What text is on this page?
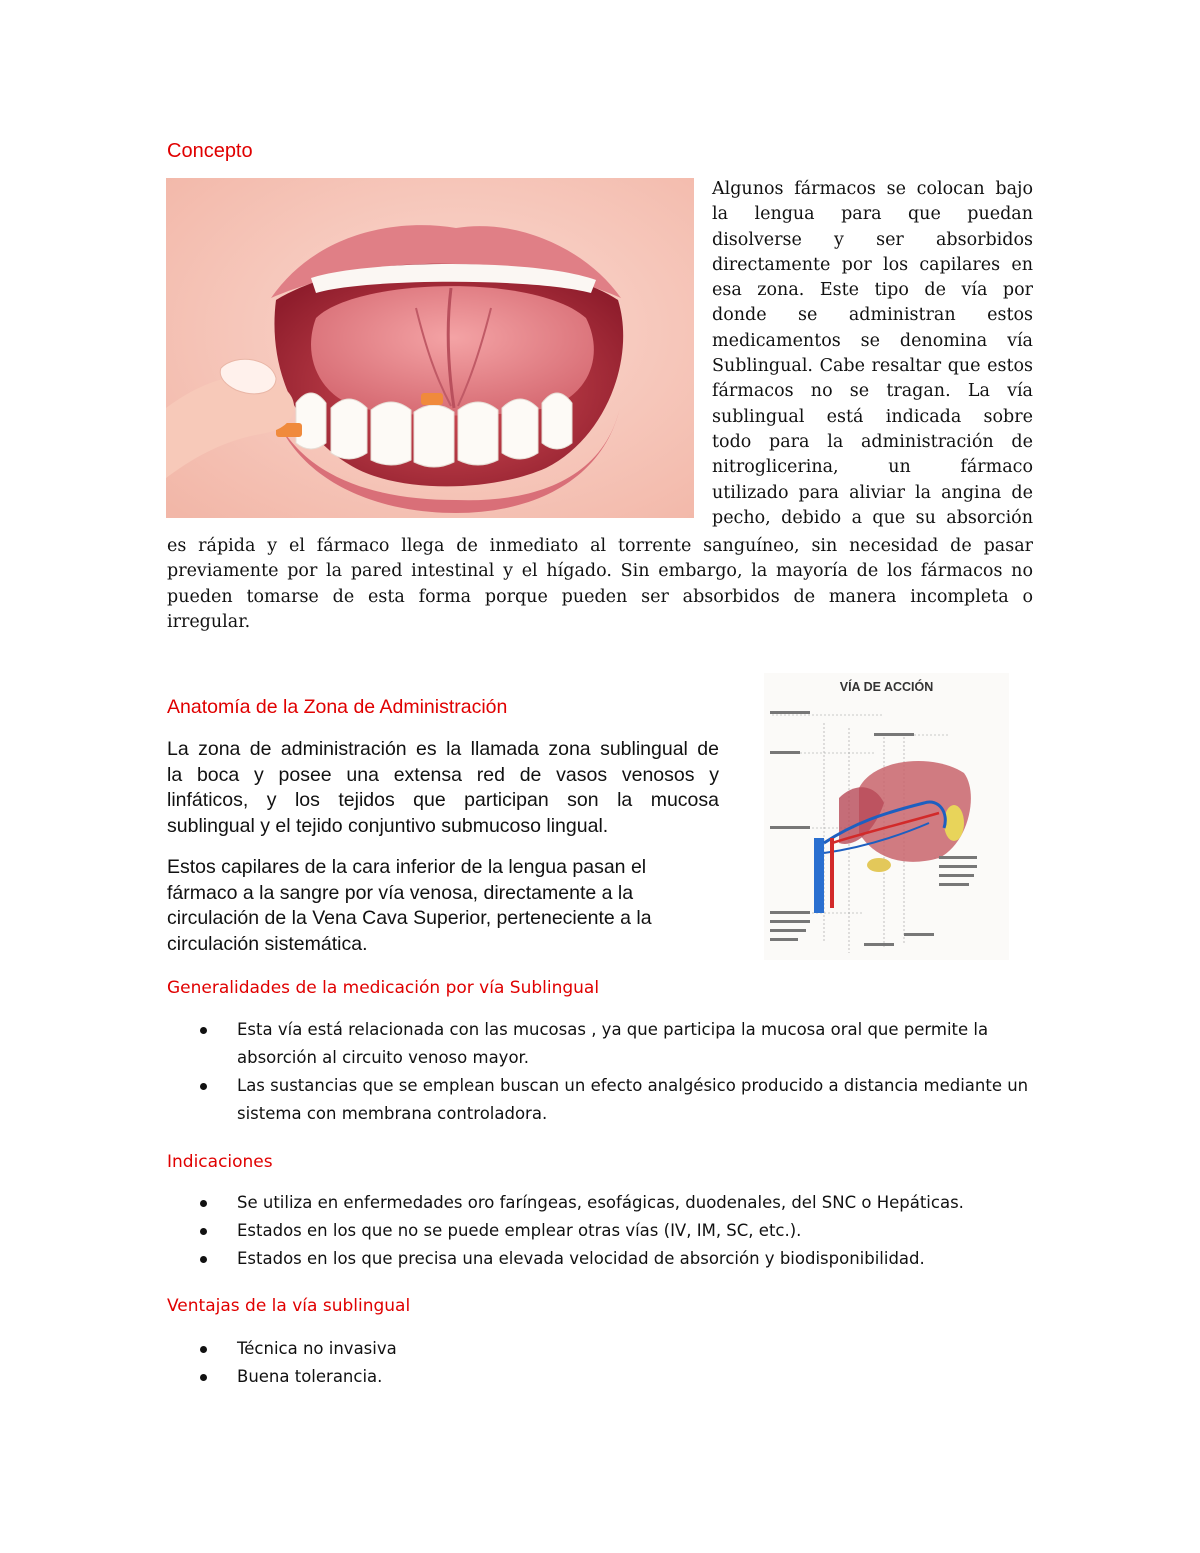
Concepto

Algunos fármacos se colocan bajo

la lengua para que puedan

disolverse y ser absorbidos

directamente por los capilares en

esa zona. Este tipo de vía por

donde se administran estos

medicamentos se denomina vía

Sublingual. Cabe resaltar que estos

fármacos no se tragan. La vía

sublingual está indicada sobre

todo para la administración de

nitroglicerina, un fármaco

utilizado para aliviar la angina de

pecho, debido a que su absorción

es rápida y el fármaco llega de inmediato al torrente sanguíneo, sin necesidad de pasar

previamente por la pared intestinal y el hígado. Sin embargo, la mayoría de los fármacos no

pueden tomarse de esta forma porque pueden ser absorbidos de manera incompleta o

irregular.

Anatomía de la Zona de Administración
La zona de administración es la llamada zona sublingual de
la boca y posee una extensa red de vasos venosos y
linfáticos, y los tejidos que participan son la mucosa
sublingual y el tejido conjuntivo submucoso lingual.
Estos capilares de la cara inferior de la lengua pasan el
fármaco a la sangre por vía venosa, directamente a la
circulación de la Vena Cava Superior, perteneciente a la
circulación sistemática.
VÍA DE ACCIÓN
Generalidades de la medicación por vía Sublingual
Esta vía está relacionada con las mucosas , ya que participa la mucosa oral que permite la absorción al circuito venoso mayor.
Las sustancias que se emplean buscan un efecto analgésico producido a distancia mediante un sistema con membrana controladora.
Indicaciones
Se utiliza en enfermedades oro faríngeas, esofágicas, duodenales, del SNC o Hepáticas.
Estados en los que no se puede emplear otras vías (IV, IM, SC, etc.).
Estados en los que precisa una elevada velocidad de absorción y biodisponibilidad.
Ventajas de la vía sublingual
Técnica no invasiva
Buena tolerancia.
